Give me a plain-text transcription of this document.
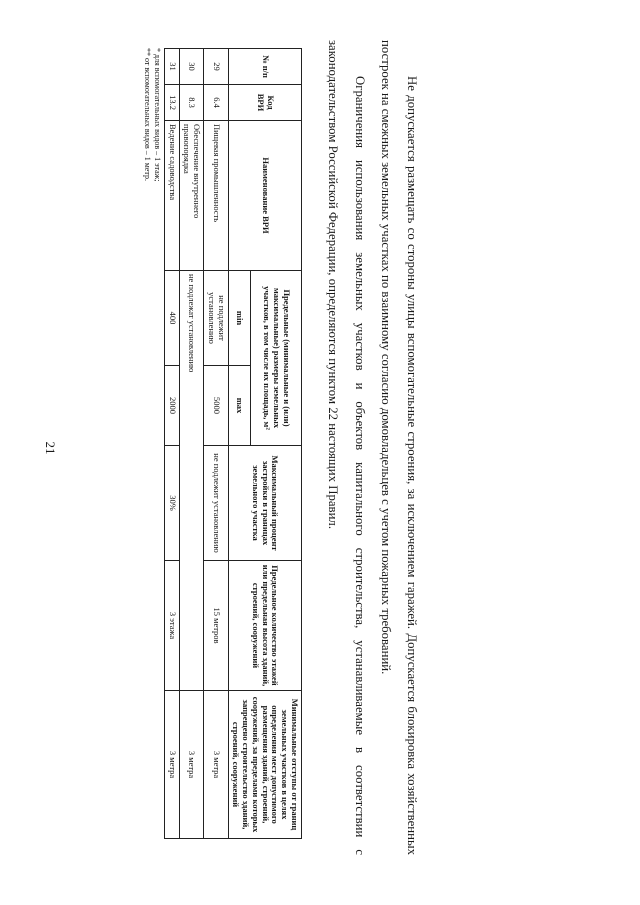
21
№ п/п	Код ВРИ	Наименование ВРИ	Предельные (минимальные и (или) максимальные) размеры земельных участков, в том числе их площадь, м²		Максимальный процент застройки в границах земельного участка	Предельное количество этажей или предельная высота зданий, строений, сооружений	Минимальные отступы от границ земельных участков в целях определения мест допустимого размещения зданий, строений, сооружений, за пределами которых запрещено строительство зданий, строений, сооружений
			min	max			
29	6.4	Пищевая промышленность	не подлежит установлению	5000	не подлежит установлению	15 метров	3 метра
30	8.3	Обеспечение внутреннего правопорядка	не подлежат установлению				3 метра
31	13.2	Ведение садоводства	400	2000	30%	3 этажа	3 метра
* для вспомогательных видов – 1 этаж;
** от вспомогательных видов – 1 метр.	Не допускается размещать со стороны улицы вспомогательные строения, за исключением гаражей. Допускается блокировка хозяйственных построек на смежных земельных участках по взаимному согласию домовладельцев с учетом пожарных требований.

Ограничения использования земельных участков и объектов капитального строительства, устанавливаемые в соответствии с законодательством Российской Федерации, определяются пунктом 22 настоящих Правил.
